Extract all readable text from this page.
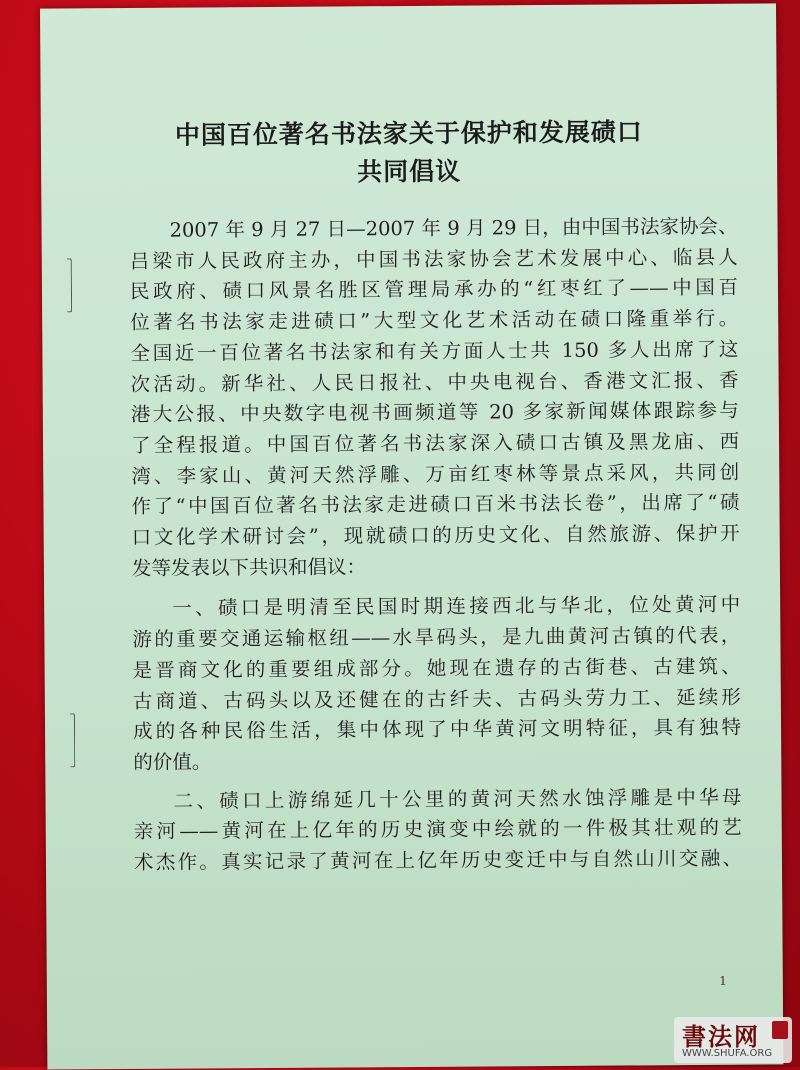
中国百位著名书法家关于保护和发展碛口
共同倡议
2007 年 9 月 27 日—2007 年 9 月 29 日，由中国书法家协会、
吕梁市人民政府主办，中国书法家协会艺术发展中心、临县人
民政府、碛口风景名胜区管理局承办的“红枣红了——中国百
位著名书法家走进碛口”大型文化艺术活动在碛口隆重举行。
全国近一百位著名书法家和有关方面人士共 150 多人出席了这
次活动。新华社、人民日报社、中央电视台、香港文汇报、香
港大公报、中央数字电视书画频道等 20 多家新闻媒体跟踪参与
了全程报道。中国百位著名书法家深入碛口古镇及黑龙庙、西
湾、李家山、黄河天然浮雕、万亩红枣林等景点采风，共同创
作了“中国百位著名书法家走进碛口百米书法长卷”，出席了“碛
口文化学术研讨会”，现就碛口的历史文化、自然旅游、保护开
发等发表以下共识和倡议：
一、碛口是明清至民国时期连接西北与华北，位处黄河中
游的重要交通运输枢纽——水旱码头，是九曲黄河古镇的代表，
是晋商文化的重要组成部分。她现在遗存的古街巷、古建筑、
古商道、古码头以及还健在的古纤夫、古码头劳力工、延续形
成的各种民俗生活，集中体现了中华黄河文明特征，具有独特
的价值。
二、碛口上游绵延几十公里的黄河天然水蚀浮雕是中华母
亲河——黄河在上亿年的历史演变中绘就的一件极其壮观的艺
术杰作。真实记录了黄河在上亿年历史变迁中与自然山川交融、
1
書法网
WWW.SHUFA.ORG
